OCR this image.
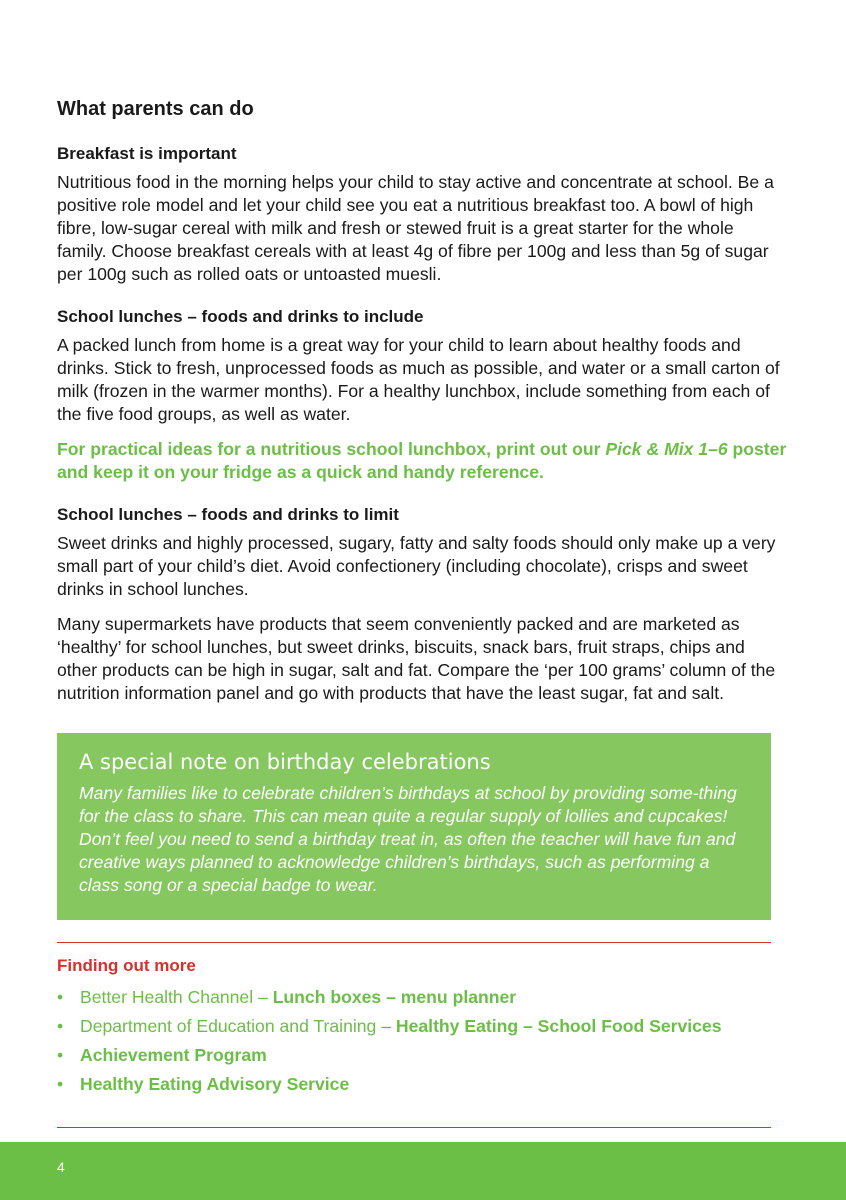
What parents can do
Breakfast is important

Nutritious food in the morning helps your child to stay active and concentrate at school. Be a positive role model and let your child see you eat a nutritious breakfast too. A bowl of high fibre, low-sugar cereal with milk and fresh or stewed fruit is a great starter for the whole family. Choose breakfast cereals with at least 4g of fibre per 100g and less than 5g of sugar per 100g such as rolled oats or untoasted muesli.

School lunches – foods and drinks to include

A packed lunch from home is a great way for your child to learn about healthy foods and drinks. Stick to fresh, unprocessed foods as much as possible, and water or a small carton of milk (frozen in the warmer months). For a healthy lunchbox, include something from each of the five food groups, as well as water.

For practical ideas for a nutritious school lunchbox, print out our Pick & Mix 1–6 poster and keep it on your fridge as a quick and handy reference.
School lunches – foods and drinks to limit

Sweet drinks and highly processed, sugary, fatty and salty foods should only make up a very small part of your child’s diet. Avoid confectionery (including chocolate), crisps and sweet drinks in school lunches.

Many supermarkets have products that seem conveniently packed and are marketed as ‘healthy’ for school lunches, but sweet drinks, biscuits, snack bars, fruit straps, chips and other products can be high in sugar, salt and fat. Compare the ‘per 100 grams’ column of the nutrition information panel and go with products that have the least sugar, fat and salt.

A special note on birthday celebrations

Many families like to celebrate children’s birthdays at school by providing some-thing for the class to share. This can mean quite a regular supply of lollies and cupcakes! Don’t feel you need to send a birthday treat in, as often the teacher will have fun and creative ways planned to acknowledge children’s birthdays, such as performing a class song or a special badge to wear.

Finding out more
• Better Health Channel – Lunch boxes – menu planner
• Department of Education and Training – Healthy Eating – School Food Services
• Achievement Program
• Healthy Eating Advisory Service
4
